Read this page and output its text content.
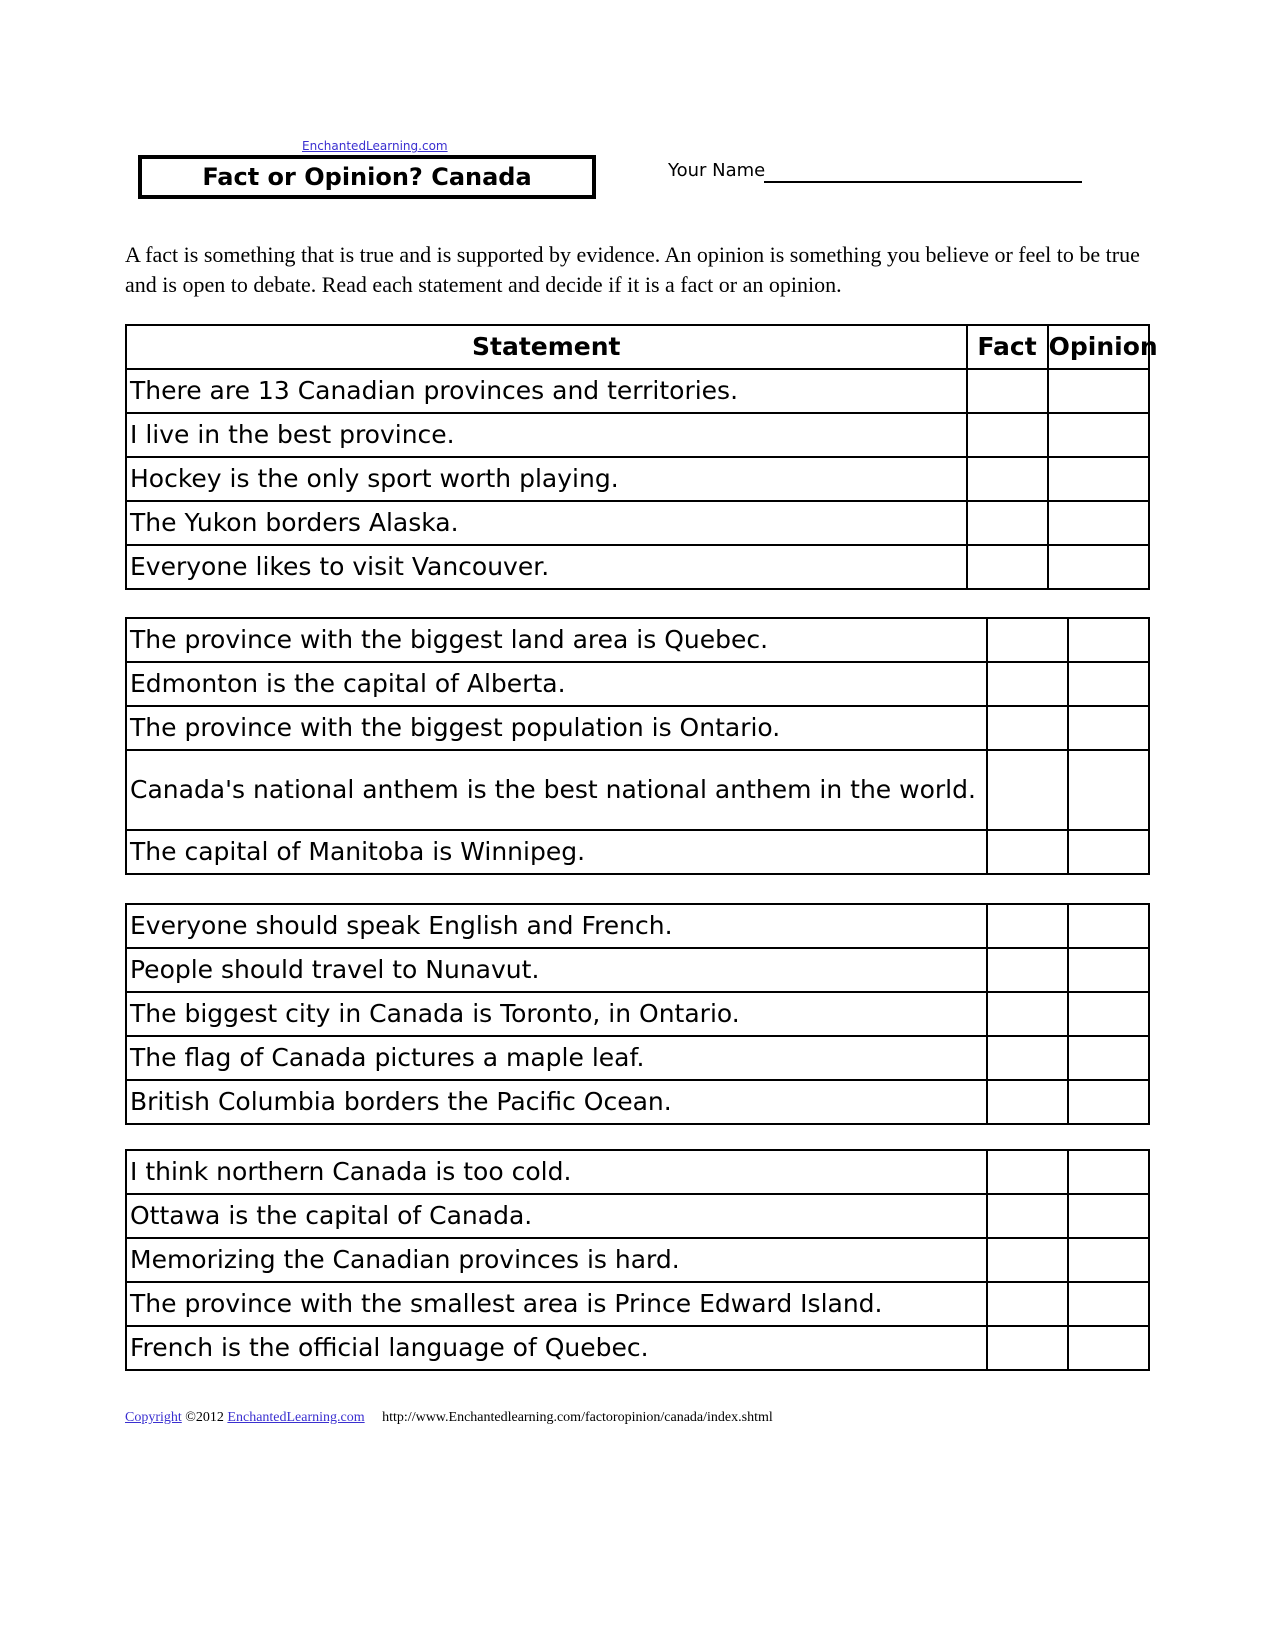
EnchantedLearning.com
Fact or Opinion? Canada	Your Name
A fact is something that is true and is supported by evidence. An opinion is something you believe or feel to be true and is open to debate. Read each statement and decide if it is a fact or an opinion.
Statement	Fact	Opinion
There are 13 Canadian provinces and territories.		
I live in the best province.		
Hockey is the only sport worth playing.		
The Yukon borders Alaska.		
Everyone likes to visit Vancouver.		
The province with the biggest land area is Quebec.		
Edmonton is the capital of Alberta.		
The province with the biggest population is Ontario.		
Canada's national anthem is the best national anthem in the world.		
The capital of Manitoba is Winnipeg.		
Everyone should speak English and French.		
People should travel to Nunavut.		
The biggest city in Canada is Toronto, in Ontario.		
The flag of Canada pictures a maple leaf.		
British Columbia borders the Pacific Ocean.		
I think northern Canada is too cold.		
Ottawa is the capital of Canada.		
Memorizing the Canadian provinces is hard.		
The province with the smallest area is Prince Edward Island.		
French is the official language of Quebec.		
Copyright ©2012 EnchantedLearning.com http://www.Enchantedlearning.com/factoropinion/canada/index.shtml
